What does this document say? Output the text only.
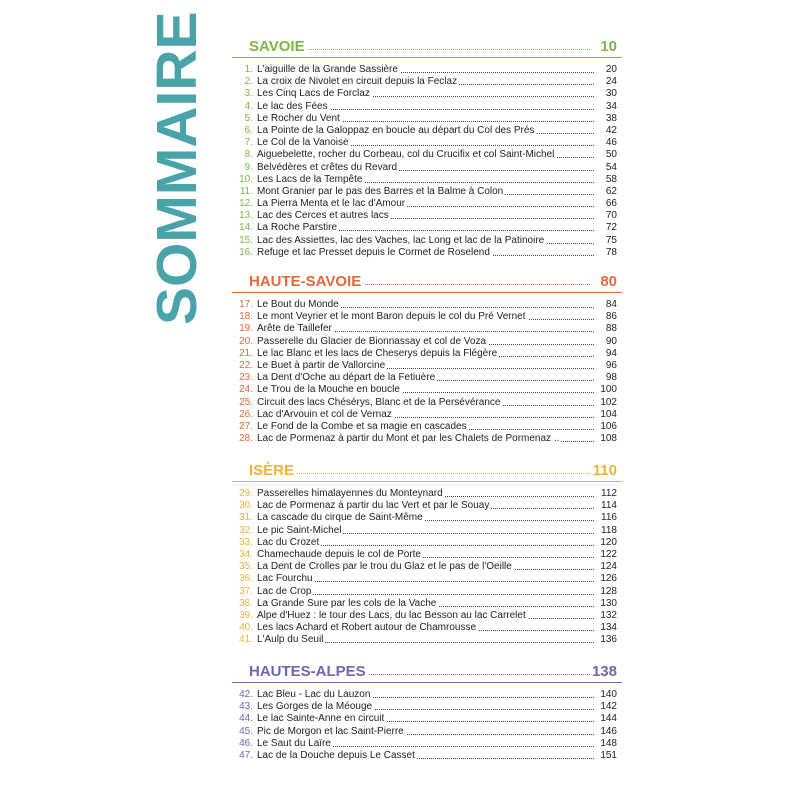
SOMMAIRE	SAVOIE	10
1. L'aiguille de la Grande Sassière	20
2. La croix de Nivolet en circuit depuis la Feclaz	24
3. Les Cinq Lacs de Forclaz	30
4. Le lac des Fées	34
5. Le Rocher du Vent	38
6. La Pointe de la Galoppaz en boucle au départ du Col des Prés	42
7. Le Col de la Vanoise	46
8. Aiguebelette, rocher du Corbeau, col du Crucifix et col Saint-Michel	50
9. Belvédères et crêtes du Revard	54
10. Les Lacs de la Tempête	58
11. Mont Granier par le pas des Barres et la Balme à Colon	62
12. La Pierra Menta et le lac d'Amour	66
13. Lac des Cerces et autres lacs	70
14. La Roche Parstire	72
15. Lac des Assiettes, lac des Vaches, lac Long et lac de la Patinoire	75
16. Refuge et lac Presset depuis le Cormet de Roselend	78
HAUTE-SAVOIE	80
17. Le Bout du Monde	84
18. Le mont Veyrier et le mont Baron depuis le col du Pré Vernet	86
19. Arête de Taillefer	88
20. Passerelle du Glacier de Bionnassay et col de Voza	90
21. Le lac Blanc et les lacs de Cheserys depuis la Flégère	94
22. Le Buet à partir de Vallorcine	96
23. La Dent d'Oche au départ de la Fetiuère	98
24. Le Trou de la Mouche en boucle	100
25. Circuit des lacs Chésérys, Blanc et de la Persévérance	102
26. Lac d'Arvouin et col de Vernaz	104
27. Le Fond de la Combe et sa magie en cascades	106
28. Lac de Pormenaz à partir du Mont et par les Chalets de Pormenaz ..	108
ISÈRE	110
29. Passerelles himalayennes du Monteynard	112
30. Lac de Pormenaz à partir du lac Vert et par le Souay	114
31. La cascade du cirque de Saint-Même	116
32. Le pic Saint-Michel	118
33. Lac du Crozet	120
34. Chamechaude depuis le col de Porte	122
35. La Dent de Crolles par le trou du Glaz et le pas de l'Oeille	124
36. Lac Fourchu	126
37. Lac de Crop	128
38. La Grande Sure par les cols de la Vache	130
39. Alpe d'Huez : le tour des Lacs, du lac Besson au lac Carrelet	132
40. Les lacs Achard et Robert autour de Chamrousse	134
41. L'Aulp du Seuil	136
HAUTES-ALPES	138
42. Lac Bleu - Lac du Lauzon	140
43. Les Gorges de la Méouge	142
44. Le lac Sainte-Anne en circuit	144
45. Pic de Morgon et lac Saint-Pierre	146
46. Le Saut du Laïre	148
47. Lac de la Douche depuis Le Casset	151
